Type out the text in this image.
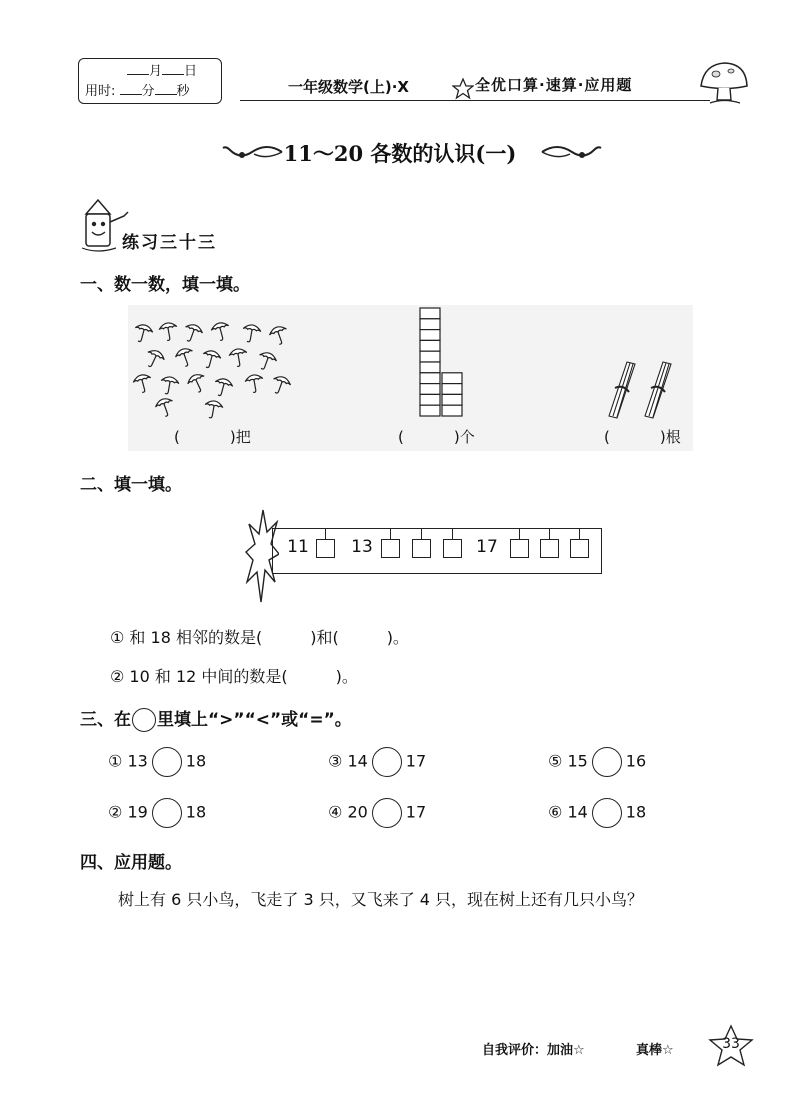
月 日
用时: 分 秒	一年级数学(上)·X	全优口算·速算·应用题
11～20 各数的认识(一)
练习三十三
一、数一数，填一填。
(	)把	(	)个	(	)根
二、填一填。
11 13	17
① 和 18 相邻的数是(　　　)和(　　　)。
② 10 和 12 中间的数是(　　　)。
三、在 里填上“>”“<”或“=”。
① 13 18	③ 14 17	⑤ 15 16
② 19 18	④ 20 17	⑥ 14 18
四、应用题。
树上有 6 只小鸟，飞走了 3 只，又飞来了 4 只，现在树上还有几只小鸟？
自我评价：加油☆	真棒☆	33
